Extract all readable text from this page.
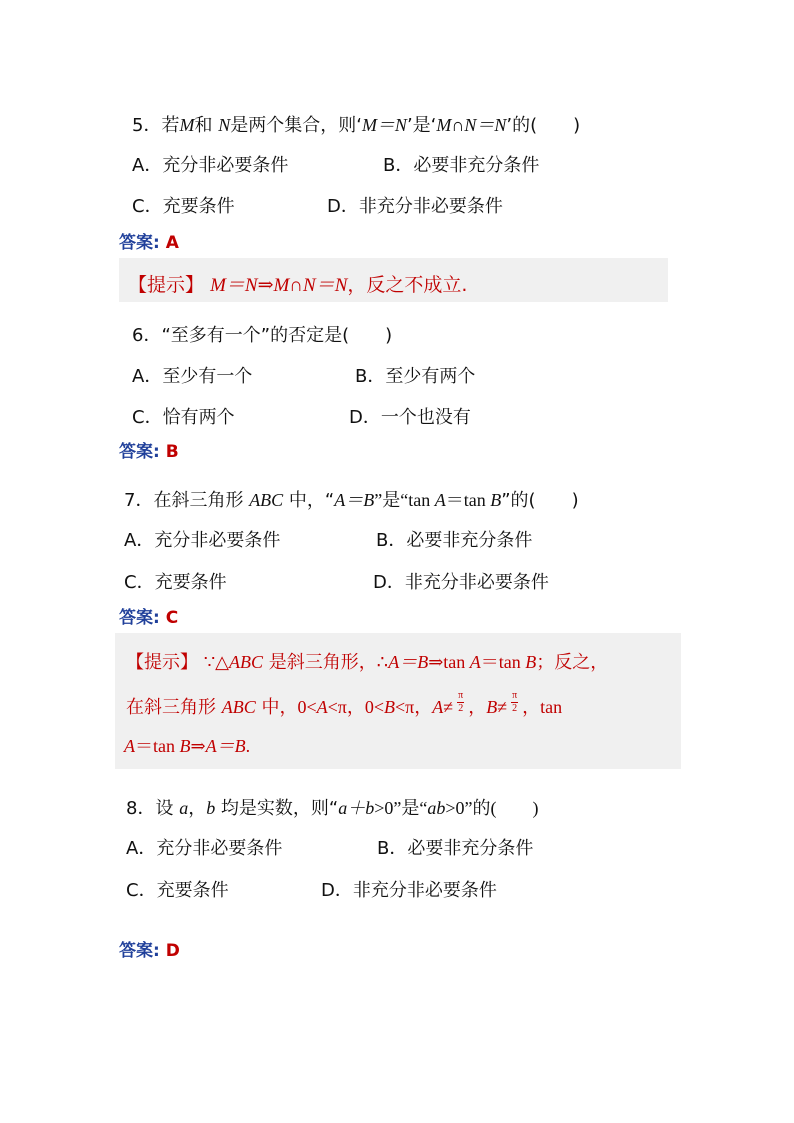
5．若M和 N是两个集合，则‘M＝N’是‘M∩N＝N’的(　　)
A．充分非必要条件	B．必要非充分条件
C．充要条件	D．非充分非必要条件
答案: A
【提示】 M＝N⇒M∩N＝N，反之不成立.
6．“至多有一个”的否定是(　　)
A．至少有一个	B．至少有两个
C．恰有两个	D．一个也没有
答案: B
7．在斜三角形 ABC 中，“A＝B”是“tan A＝tan B”的(　　)
A．充分非必要条件	B．必要非充分条件
C．充要条件	D．非充分非必要条件
答案: C
【提示】 ∵△ABC 是斜三角形，∴A＝B⇒tan A＝tan B；反之，
在斜三角形 ABC 中，0<A<π，0<B<π，$A\ne \frac{\pi}{2}$ ，$B\ne \frac{\pi}{2}$ ，tan
A＝tan B⇒A＝B.
8．设 a，b 均是实数，则“a＋b>0”是“ab>0”的(　　)
A．充分非必要条件	B．必要非充分条件
C．充要条件	D．非充分非必要条件
答案: D
